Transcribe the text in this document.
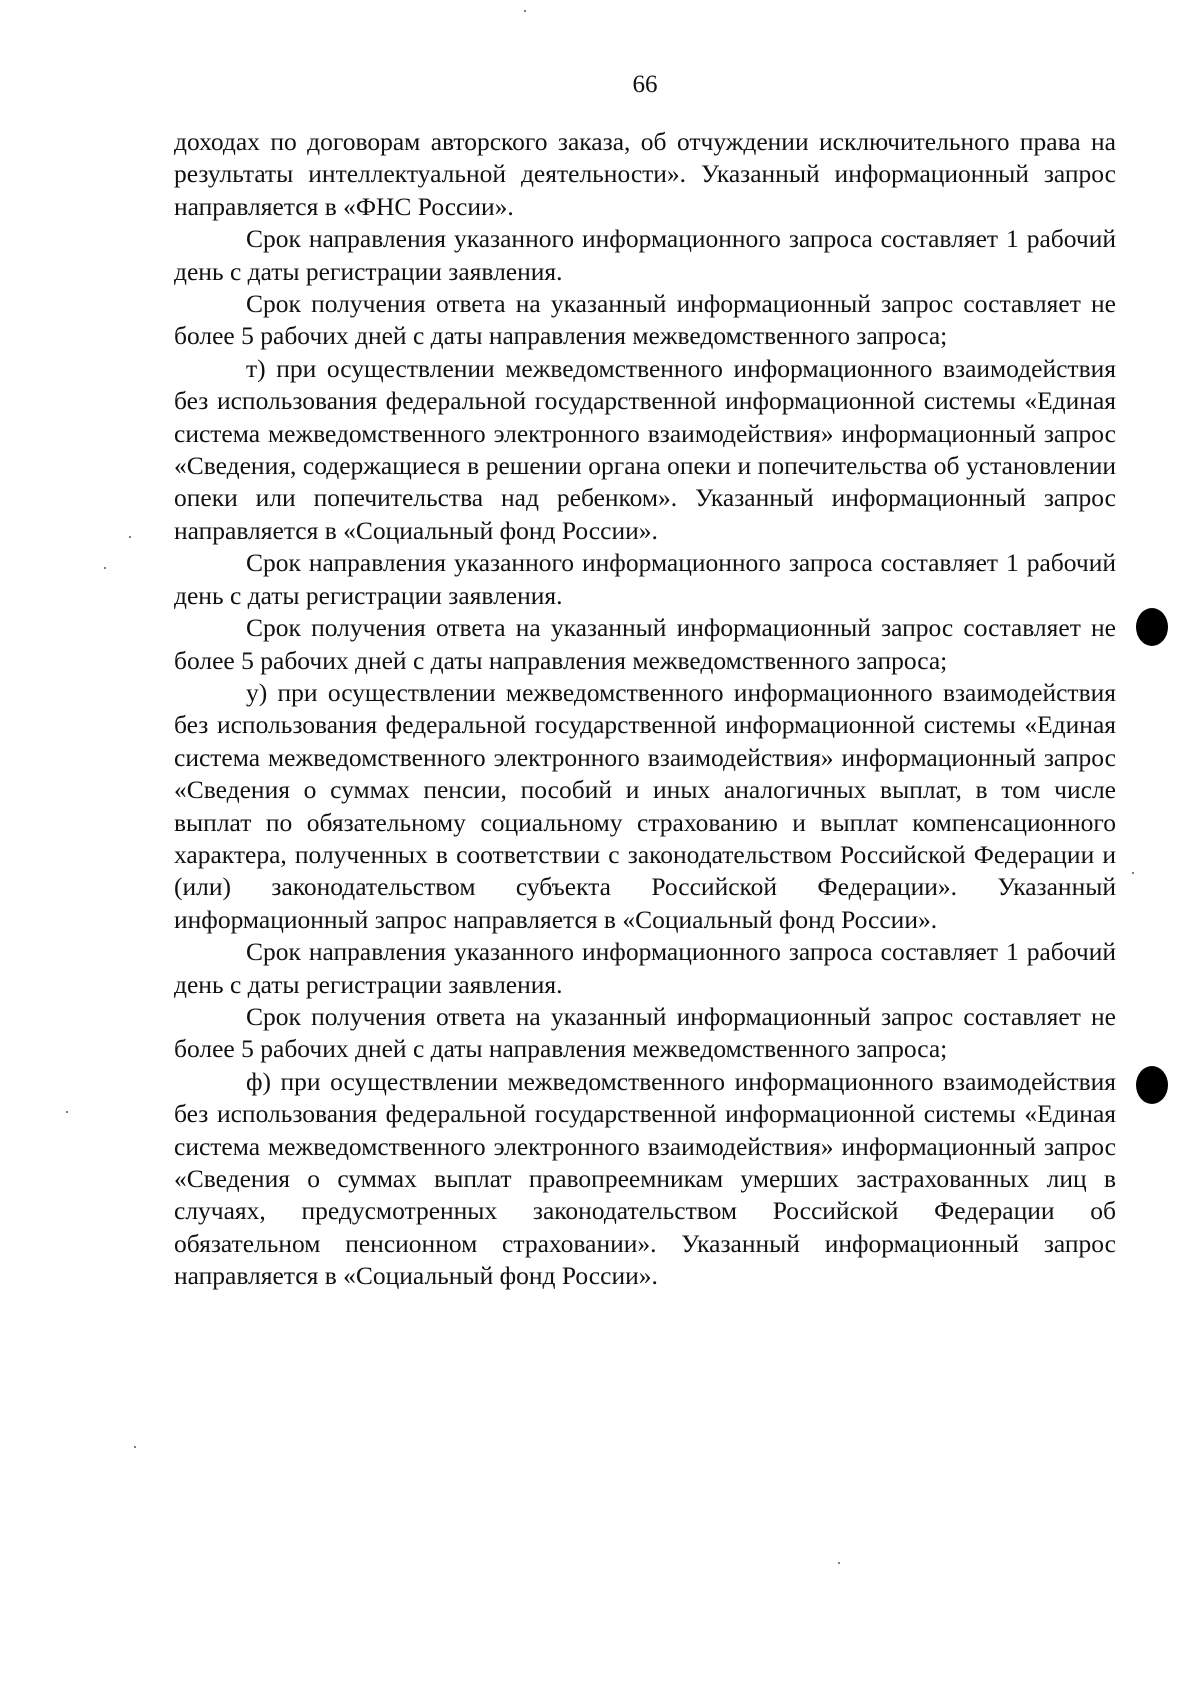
66

доходах по договорам авторского заказа, об отчуждении исключительного права на результаты интеллектуальной деятельности». Указанный информационный запрос направляется в «ФНС России».

Срок направления указанного информационного запроса составляет 1 рабочий день с даты регистрации заявления.

Срок получения ответа на указанный информационный запрос составляет не более 5 рабочих дней с даты направления межведомственного запроса;

т) при осуществлении межведомственного информационного взаимодействия без использования федеральной государственной информационной системы «Единая система межведомственного электронного взаимодействия» информационный запрос «Сведения, содержащиеся в решении органа опеки и попечительства об установлении опеки или попечительства над ребенком». Указанный информационный запрос направляется в «Социальный фонд России».

Срок направления указанного информационного запроса составляет 1 рабочий день с даты регистрации заявления.

Срок получения ответа на указанный информационный запрос составляет не более 5 рабочих дней с даты направления межведомственного запроса;

у) при осуществлении межведомственного информационного взаимодействия без использования федеральной государственной информационной системы «Единая система межведомственного электронного взаимодействия» информационный запрос «Сведения о суммах пенсии, пособий и иных аналогичных выплат, в том числе выплат по обязательному социальному страхованию и выплат компенсационного характера, полученных в соответствии с законодательством Российской Федерации и (или) законодательством субъекта Российской Федерации». Указанный информационный запрос направляется в «Социальный фонд России».

Срок направления указанного информационного запроса составляет 1 рабочий день с даты регистрации заявления.

Срок получения ответа на указанный информационный запрос составляет не более 5 рабочих дней с даты направления межведомственного запроса;

ф) при осуществлении межведомственного информационного взаимодействия без использования федеральной государственной информационной системы «Единая система межведомственного электронного взаимодействия» информационный запрос «Сведения о суммах выплат правопреемникам умерших застрахованных лиц в случаях, предусмотренных законодательством Российской Федерации об обязательном пенсионном страховании». Указанный информационный запрос направляется в «Социальный фонд России».
